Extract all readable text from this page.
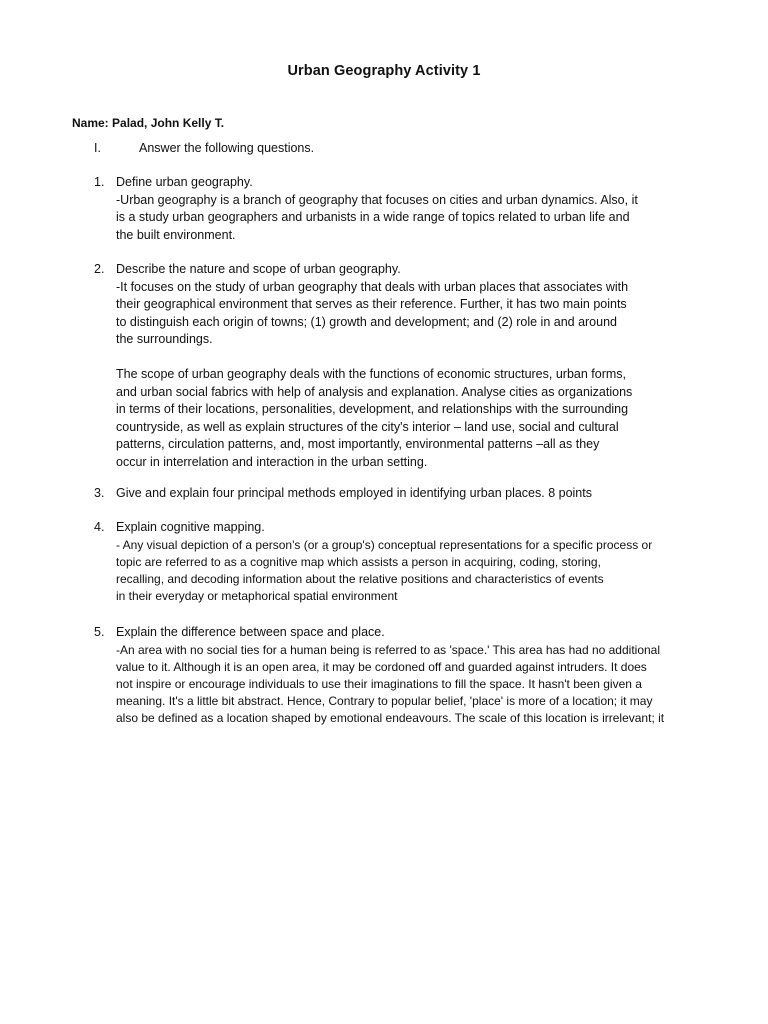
Urban Geography Activity 1
Name: Palad, John Kelly T.
I.	Answer the following questions.
1. Define urban geography.
-Urban geography is a branch of geography that focuses on cities and urban dynamics. Also, it
is a study urban geographers and urbanists in a wide range of topics related to urban life and
the built environment.
2. Describe the nature and scope of urban geography.
-It focuses on the study of urban geography that deals with urban places that associates with
their geographical environment that serves as their reference. Further, it has two main points
to distinguish each origin of towns; (1) growth and development; and (2) role in and around
the surroundings.
The scope of urban geography deals with the functions of economic structures, urban forms,
and urban social fabrics with help of analysis and explanation. Analyse cities as organizations
in terms of their locations, personalities, development, and relationships with the surrounding
countryside, as well as explain structures of the city's interior – land use, social and cultural
patterns, circulation patterns, and, most importantly, environmental patterns –all as they
occur in interrelation and interaction in the urban setting.
3. Give and explain four principal methods employed in identifying urban places. 8 points
4. Explain cognitive mapping.
- Any visual depiction of a person's (or a group's) conceptual representations for a specific process or
topic are referred to as a cognitive map which assists a person in acquiring, coding, storing,
recalling, and decoding information about the relative positions and characteristics of events
in their everyday or metaphorical spatial environment
5. Explain the difference between space and place.
-An area with no social ties for a human being is referred to as 'space.' This area has had no additional
value to it. Although it is an open area, it may be cordoned off and guarded against intruders. It does
not inspire or encourage individuals to use their imaginations to fill the space. It hasn't been given a
meaning. It's a little bit abstract. Hence, Contrary to popular belief, 'place' is more of a location; it may
also be defined as a location shaped by emotional endeavours. The scale of this location is irrelevant; it
